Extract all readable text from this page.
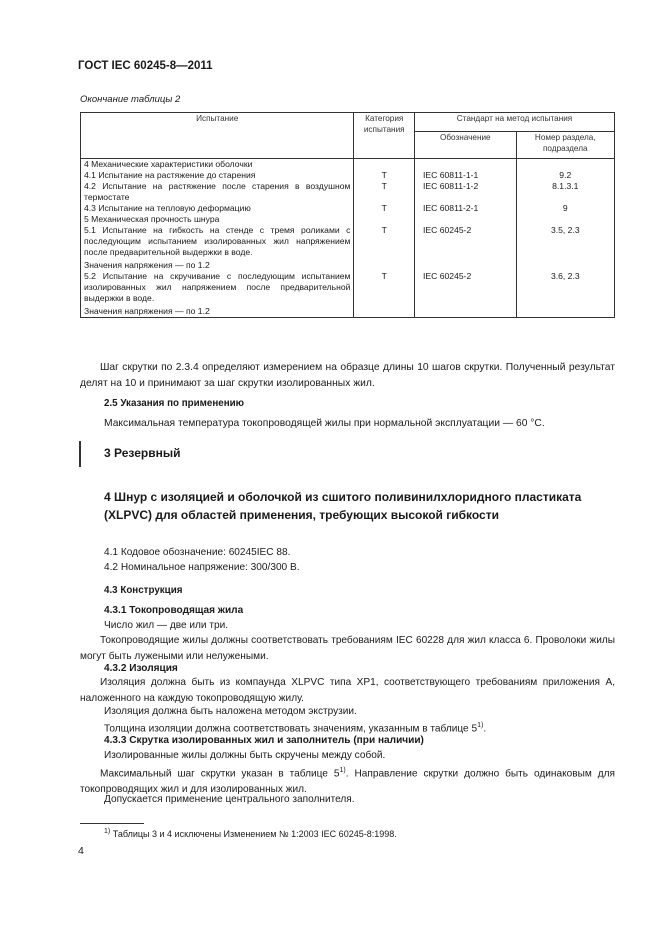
ГОСТ IEC 60245-8—2011
Окончание таблицы 2
Испытание	Категория испытания	Стандарт на метод испытания	
		Обозначение	Номер раздела, подраздела
4 Механические характеристики оболочки			
4.1 Испытание на растяжение до старения	Т	IEC 60811-1-1	9.2
4.2 Испытание на растяжение после старения в воздушном термостате	Т	IEC 60811-1-2	8.1.3.1
4.3 Испытание на тепловую деформацию	Т	IEC 60811-2-1	9
5 Механическая прочность шнура			
5.1 Испытание на гибкость на стенде с тремя роликами с последующим испытанием изолированных жил напряжением после предварительной выдержки в воде.	Т	IEC 60245-2	3.5, 2.3
Значения напряжения — по 1.2			
5.2 Испытание на скручивание с последующим испытанием изолированных жил напряжением после предварительной выдержки в воде.	Т	IEC 60245-2	3.6, 2.3
Значения напряжения — по 1.2			
Шаг скрутки по 2.3.4 определяют измерением на образце длины 10 шагов скрутки. Полученный результат делят на 10 и принимают за шаг скрутки изолированных жил.
2.5 Указания по применению
Максимальная температура токопроводящей жилы при нормальной эксплуатации — 60 °С.
3 Резервный
4 Шнур с изоляцией и оболочкой из сшитого поливинилхлоридного пластиката (XLPVC) для областей применения, требующих высокой гибкости
4.1 Кодовое обозначение: 60245IEC 88.
4.2 Номинальное напряжение: 300/300 В.
4.3 Конструкция
4.3.1 Токопроводящая жила
Число жил — две или три.
Токопроводящие жилы должны соответствовать требованиям IEC 60228 для жил класса 6. Проволоки жилы могут быть лужеными или нелужеными.
4.3.2 Изоляция
Изоляция должна быть из компаунда XLPVC типа XP1, соответствующего требованиям приложения А, наложенного на каждую токопроводящую жилу.
Изоляция должна быть наложена методом экструзии.
Толщина изоляции должна соответствовать значениям, указанным в таблице 5$^{1)}$.
4.3.3 Скрутка изолированных жил и заполнитель (при наличии)
Изолированные жилы должны быть скручены между собой.
Максимальный шаг скрутки указан в таблице 5$^{1)}$. Направление скрутки должно быть одинаковым для токопроводящих жил и для изолированных жил.
Допускается применение центрального заполнителя.
$^{1)}$ Таблицы 3 и 4 исключены Изменением № 1:2003 IEC 60245-8:1998.
4
